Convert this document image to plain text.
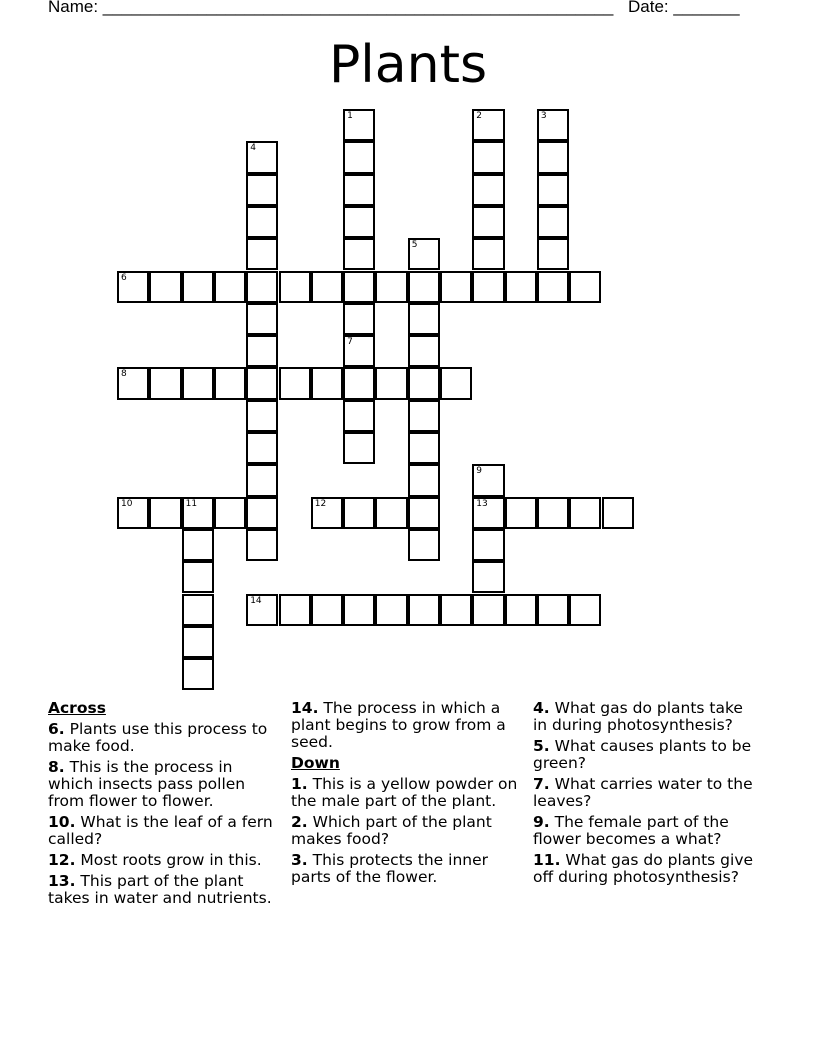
Name: ______________________________________________________ Date: _______
Plants
1
7
2	3
4
5
6
8
9
13
10	11	12
14
Across
6. Plants use this process to make food.
8. This is the process in which insects pass pollen from flower to flower.
10. What is the leaf of a fern called?
12. Most roots grow in this.
13. This part of the plant takes in water and nutrients.
14. The process in which a plant begins to grow from a seed.
Down
1. This is a yellow powder on the male part of the plant.
2. Which part of the plant makes food?
3. This protects the inner parts of the flower.
4. What gas do plants take in during photosynthesis?
5. What causes plants to be green?
7. What carries water to the leaves?
9. The female part of the flower becomes a what?
11. What gas do plants give off during photosynthesis?
